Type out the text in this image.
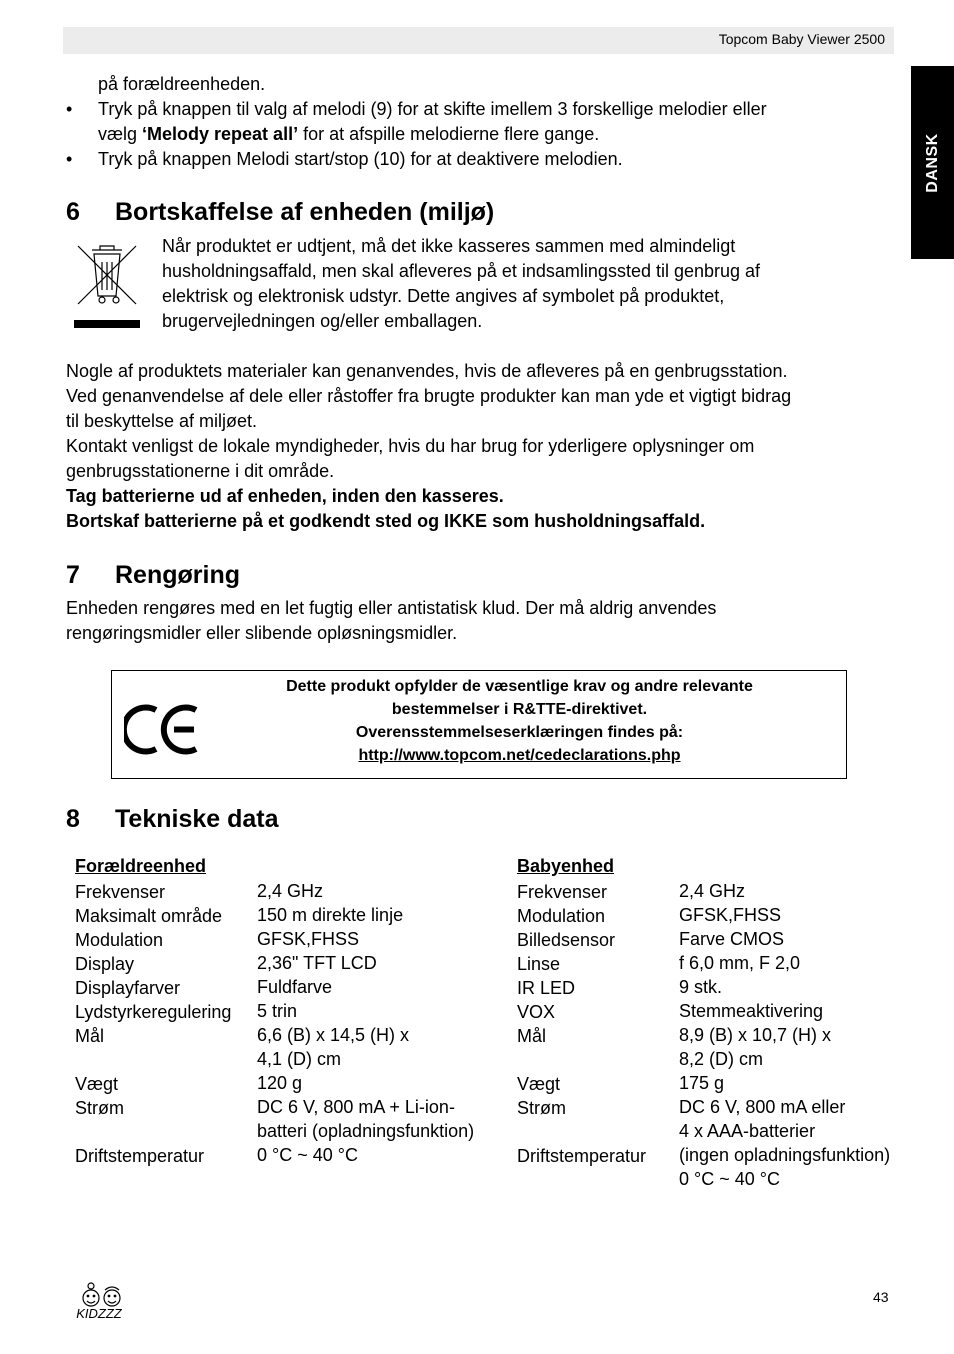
Topcom Baby Viewer 2500
DANSK
på forældreenheden.
• Tryk på knappen til valg af melodi (9) for at skifte imellem 3 forskellige melodier eller
vælg ‘Melody repeat all’ for at afspille melodierne flere gange.
• Tryk på knappen Melodi start/stop (10) for at deaktivere melodien.
6 Bortskaffelse af enheden (miljø)
Når produktet er udtjent, må det ikke kasseres sammen med almindeligt
husholdningsaffald, men skal afleveres på et indsamlingssted til genbrug af
elektrisk og elektronisk udstyr. Dette angives af symbolet på produktet,
brugervejledningen og/eller emballagen.
Nogle af produktets materialer kan genanvendes, hvis de afleveres på en genbrugsstation.
Ved genanvendelse af dele eller råstoffer fra brugte produkter kan man yde et vigtigt bidrag
til beskyttelse af miljøet.
Kontakt venligst de lokale myndigheder, hvis du har brug for yderligere oplysninger om
genbrugsstationerne i dit område.
Tag batterierne ud af enheden, inden den kasseres.
Bortskaf batterierne på et godkendt sted og IKKE som husholdningsaffald.
7 Rengøring
Enheden rengøres med en let fugtig eller antistatisk klud. Der må aldrig anvendes
rengøringsmidler eller slibende opløsningsmidler.
Dette produkt opfylder de væsentlige krav og andre relevante
bestemmelser i R&TTE-direktivet.
Overensstemmelseserklæringen findes på:
http://www.topcom.net/cedeclarations.php
8 Tekniske data
Forældreenhed	Babyenhed
Frekvenser
Maksimalt område
Modulation
Display
Displayfarver
Lydstyrkeregulering
Mål

Vægt
Strøm

Driftstemperatur
2,4 GHz
150 m direkte linje
GFSK,FHSS
2,36" TFT LCD
Fuldfarve
5 trin
6,6 (B) x 14,5 (H) x
4,1 (D) cm
120 g
DC 6 V, 800 mA + Li-ion-
batteri (opladningsfunktion)
0 °C ~ 40 °C
Frekvenser
Modulation
Billedsensor
Linse
IR LED
VOX
Mål

Vægt
Strøm

Driftstemperatur
2,4 GHz
GFSK,FHSS
Farve CMOS
f 6,0 mm, F 2,0
9 stk.
Stemmeaktivering
8,9 (B) x 10,7 (H) x
8,2 (D) cm
175 g
DC 6 V, 800 mA eller
4 x AAA-batterier
(ingen opladningsfunktion)
0 °C ~ 40 °C
KIDZZZ
43
